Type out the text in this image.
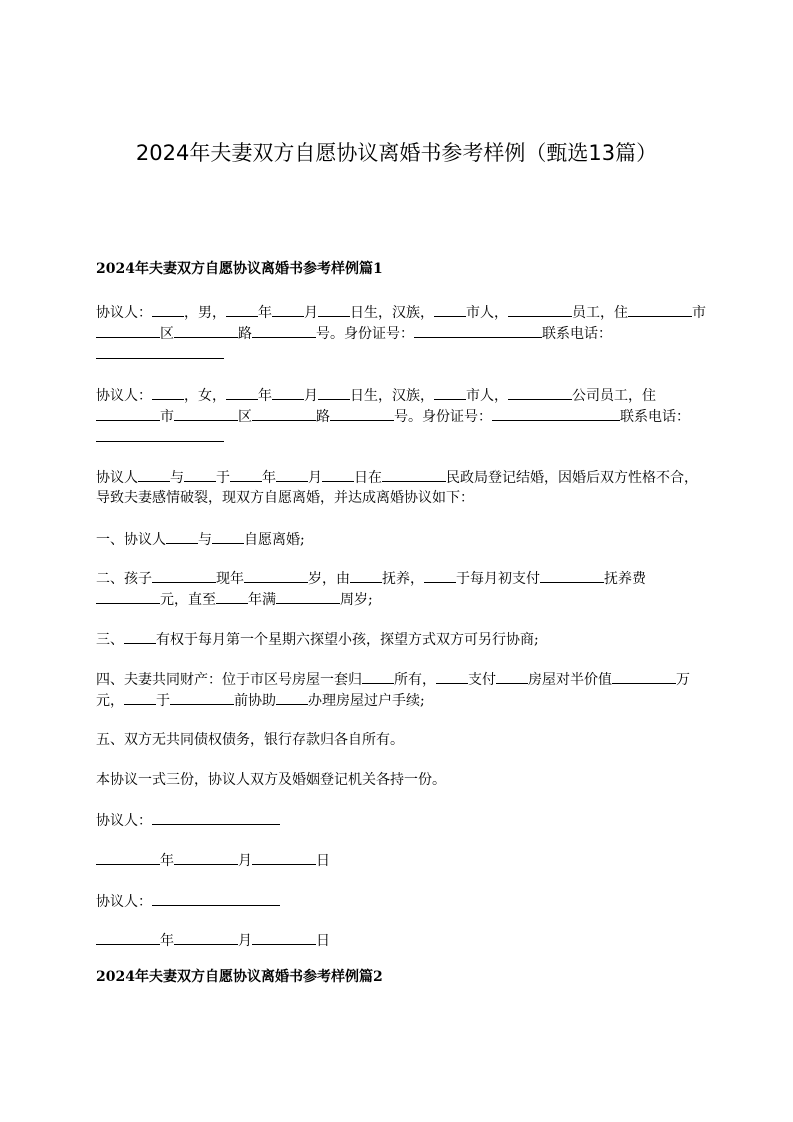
2024年夫妻双方自愿协议离婚书参考样例（甄选13篇）
2024年夫妻双方自愿协议离婚书参考样例篇1
协议人： ，男， 年 月 日生，汉族， 市人，	员工，住	市区	路	号。身份证号：	联系电话：
协议人： ，女， 年 月 日生，汉族， 市人，	公司员工，住市	区	路	号。身份证号：	联系电话：
协议人 与 于 年 月 日在	民政局登记结婚，因婚后双方性格不合，导致夫妻感情破裂，现双方自愿离婚，并达成离婚协议如下：
一、协议人 与 自愿离婚;
二、孩子	现年	岁，由 抚养， 于每月初支付	抚养费元，直至 年满	周岁;
三、 有权于每月第一个星期六探望小孩，探望方式双方可另行协商;
四、夫妻共同财产：位于市区号房屋一套归 所有， 支付 房屋对半价值	万元， 于	前协助 办理房屋过户手续;
五、双方无共同债权债务，银行存款归各自所有。
本协议一式三份，协议人双方及婚姻登记机关各持一份。
协议人：
年	月	日
协议人：
年	月	日
2024年夫妻双方自愿协议离婚书参考样例篇2
